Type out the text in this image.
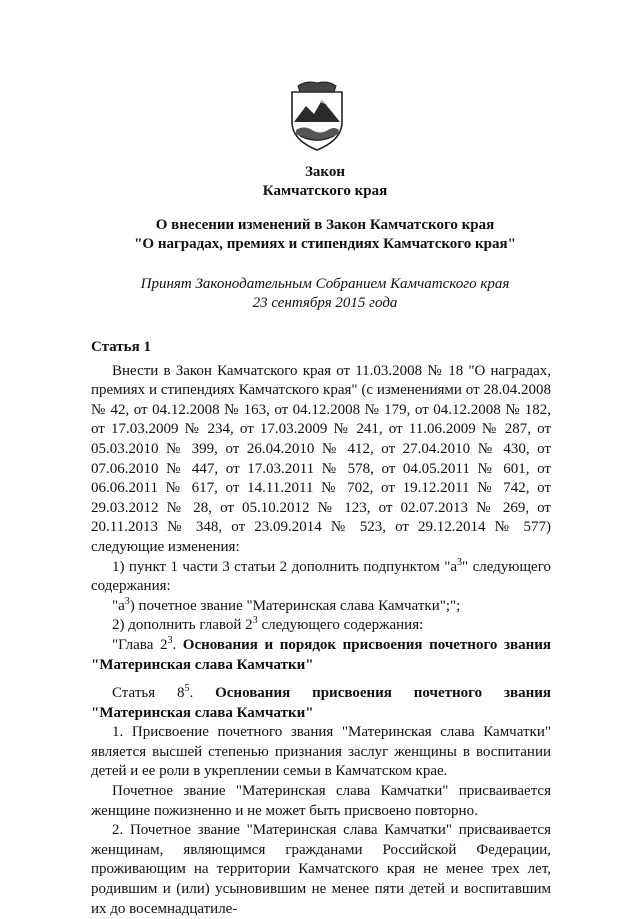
Закон
Камчатского края
О внесении изменений в Закон Камчатского края
"О наградах, премиях и стипендиях Камчатского края"
Принят Законодательным Собранием Камчатского края
23 сентября 2015 года

Статья 1

Внести в Закон Камчатского края от 11.03.2008 № 18 "О наградах, премиях и стипендиях Камчатского края" (с изменениями от 28.04.2008 № 42, от 04.12.2008 № 163, от 04.12.2008 № 179, от 04.12.2008 № 182, от 17.03.2009 № 234, от 17.03.2009 № 241, от 11.06.2009 № 287, от 05.03.2010 № 399, от 26.04.2010 № 412, от 27.04.2010 № 430, от 07.06.2010 № 447, от 17.03.2011 № 578, от 04.05.2011 № 601, от 06.06.2011 № 617, от 14.11.2011 № 702, от 19.12.2011 № 742, от 29.03.2012 № 28, от 05.10.2012 № 123, от 02.07.2013 № 269, от 20.11.2013 № 348, от 23.09.2014 № 523, от 29.12.2014 № 577) следующие изменения:

1) пункт 1 части 3 статьи 2 дополнить подпунктом "$а^3$" следующего содержания:

"$а^3$) почетное звание "Материнская слава Камчатки";";

2) дополнить главой $2^3$ следующего содержания:

"Глава $2^3$. Основания и порядок присвоения почетного звания "Материнская слава Камчатки"

Статья $8^5$. Основания присвоения почетного звания "Материнская слава Камчатки"

1. Присвоение почетного звания "Материнская слава Камчатки" является высшей степенью признания заслуг женщины в воспитании детей и ее роли в укреплении семьи в Камчатском крае.

Почетное звание "Материнская слава Камчатки" присваивается женщине пожизненно и не может быть присвоено повторно.

2. Почетное звание "Материнская слава Камчатки" присваивается женщинам, являющимся гражданами Российской Федерации, проживающим на территории Камчатского края не менее трех лет, родившим и (или) усыновившим не менее пяти детей и воспитавшим их до восемнадцатиле-
